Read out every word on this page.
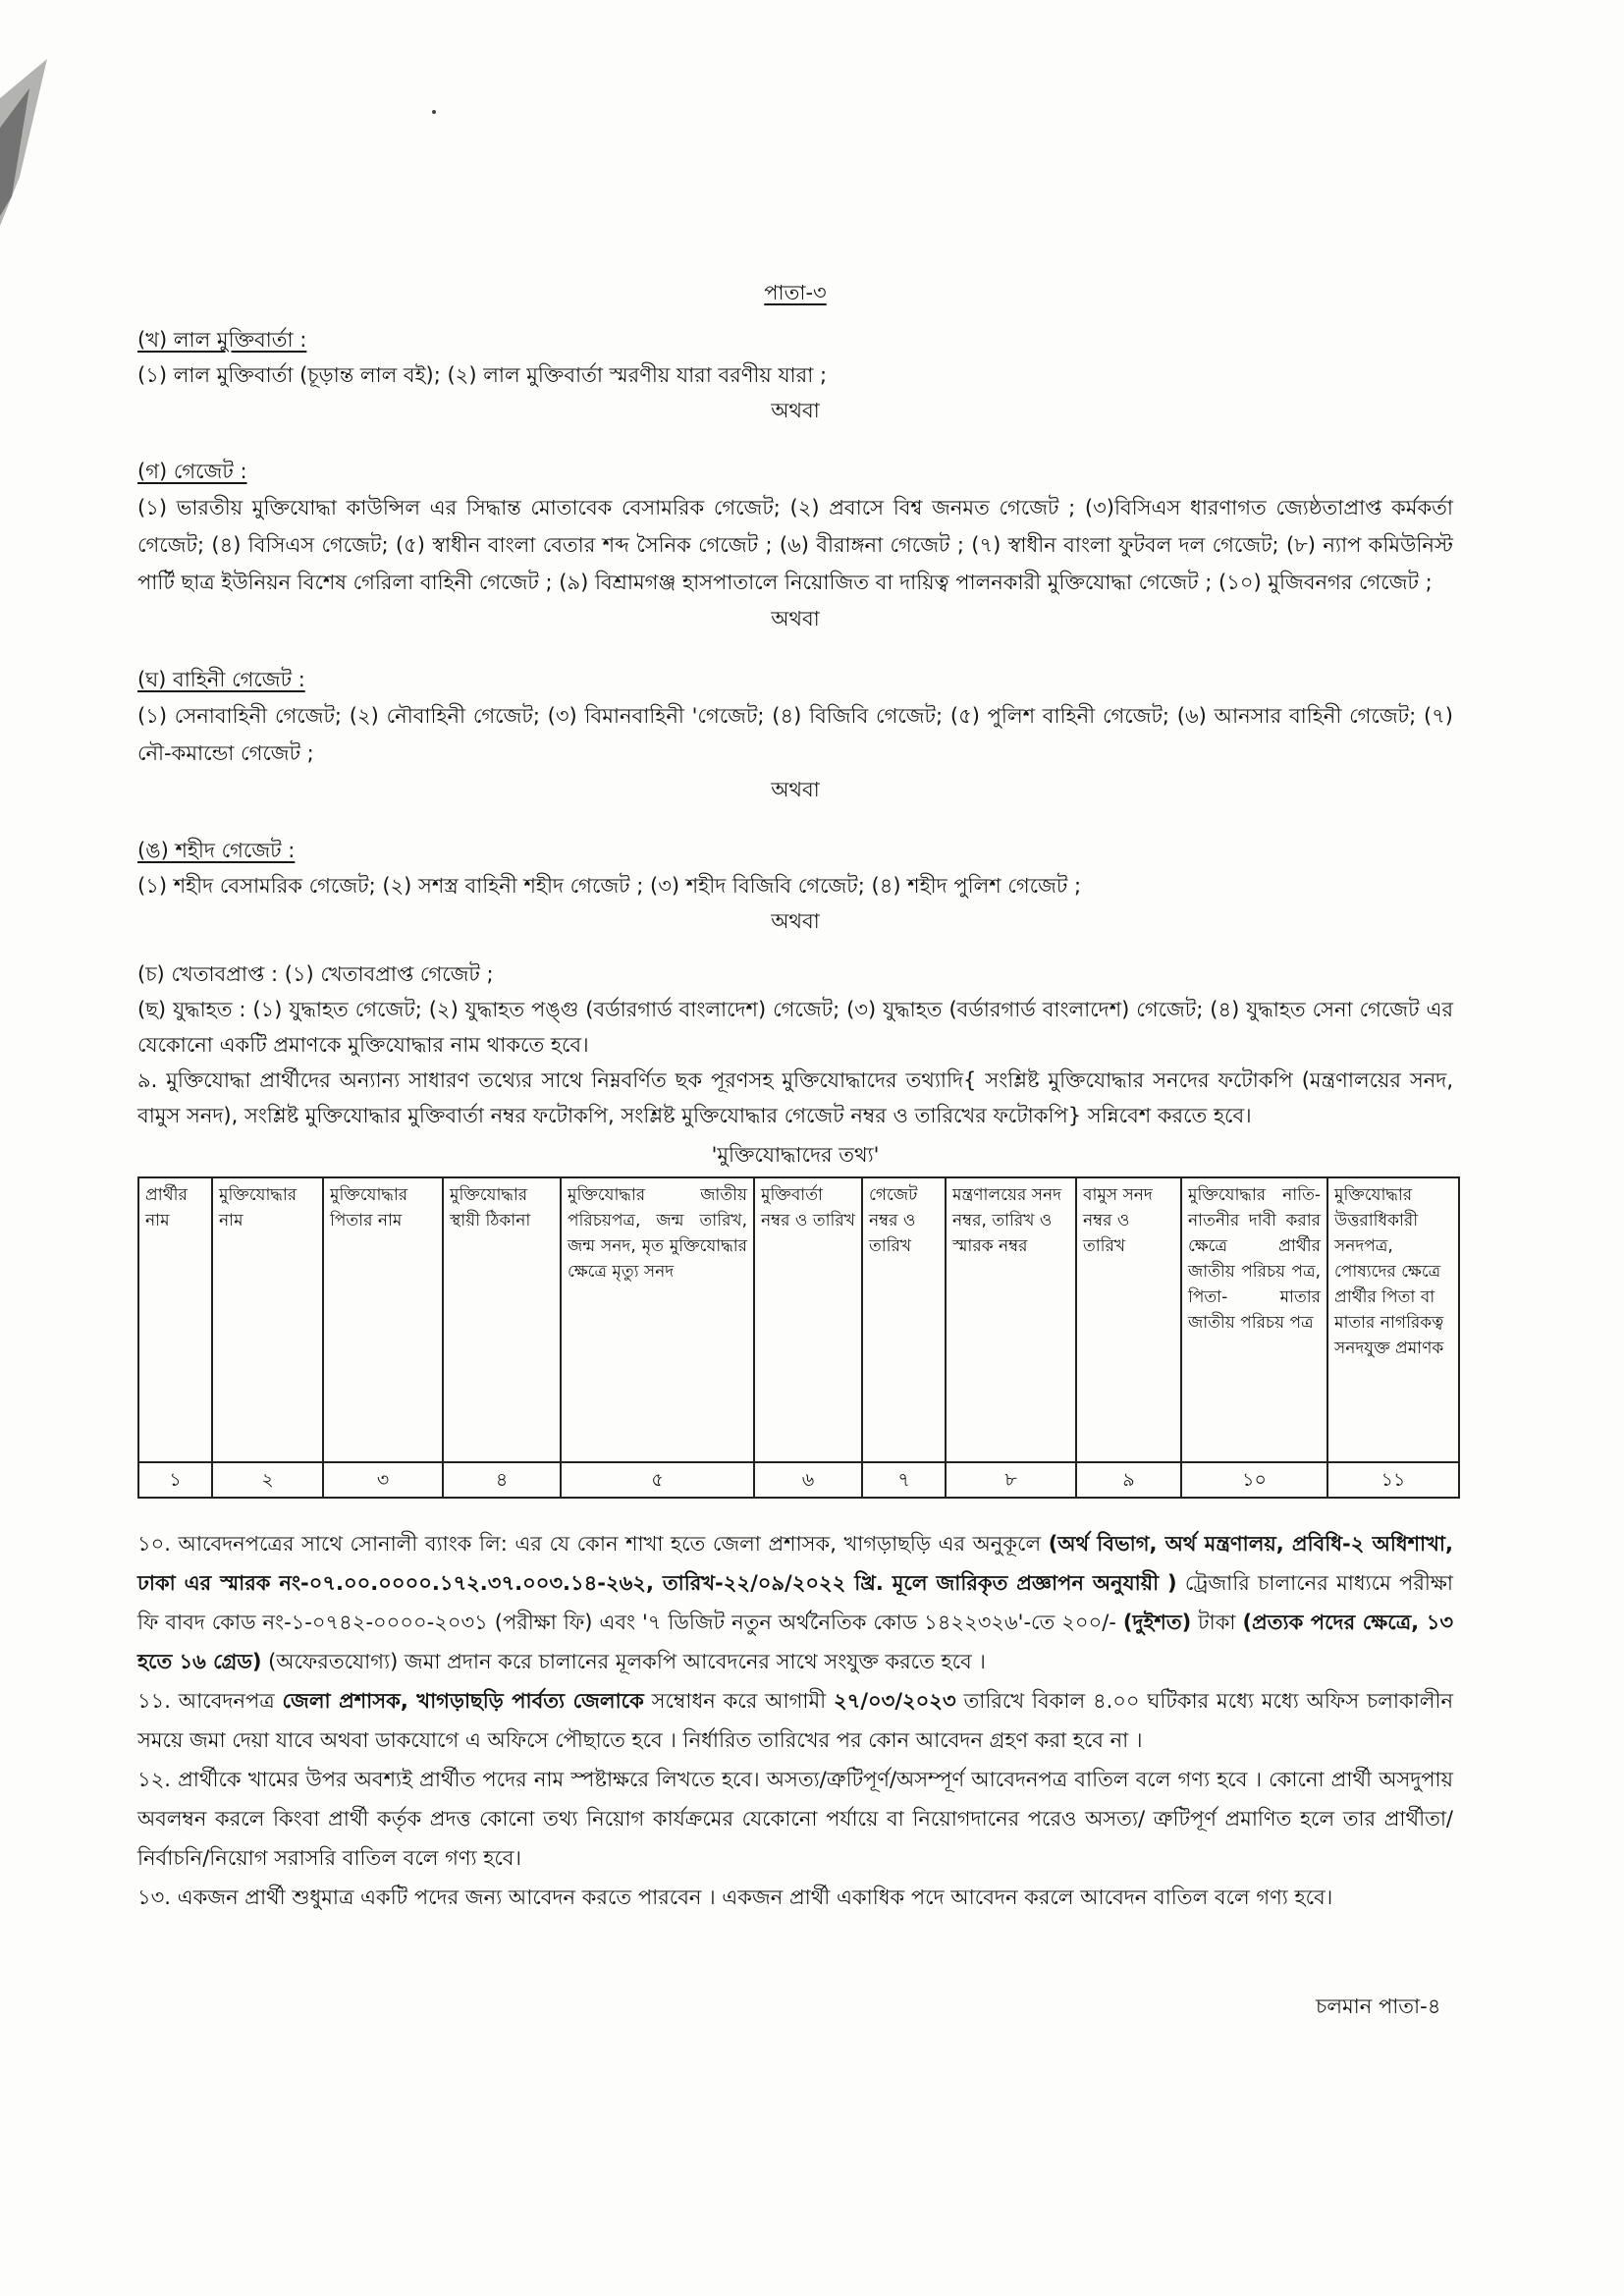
পাতা-৩

(খ) লাল মুক্তিবার্তা :

(১) লাল মুক্তিবার্তা (চূড়ান্ত লাল বই); (২) লাল মুক্তিবার্তা স্মরণীয় যারা বরণীয় যারা ;

অথবা

(গ) গেজেট :

(১) ভারতীয় মুক্তিযোদ্ধা কাউন্সিল এর সিদ্ধান্ত মোতাবেক বেসামরিক গেজেট; (২) প্রবাসে বিশ্ব জনমত গেজেট ; (৩)বিসিএস ধারণাগত জ্যেষ্ঠতাপ্রাপ্ত কর্মকর্তা গেজেট; (৪) বিসিএস গেজেট; (৫) স্বাধীন বাংলা বেতার শব্দ সৈনিক গেজেট ; (৬) বীরাঙ্গনা গেজেট ; (৭) স্বাধীন বাংলা ফুটবল দল গেজেট; (৮) ন্যাপ কমিউনিস্ট পার্টি ছাত্র ইউনিয়ন বিশেষ গেরিলা বাহিনী গেজেট ; (৯) বিশ্রামগঞ্জ হাসপাতালে নিয়োজিত বা দায়িত্ব পালনকারী মুক্তিযোদ্ধা গেজেট ; (১০) মুজিবনগর গেজেট ;

অথবা

(ঘ) বাহিনী গেজেট :

(১) সেনাবাহিনী গেজেট; (২) নৌবাহিনী গেজেট; (৩) বিমানবাহিনী 'গেজেট; (৪) বিজিবি গেজেট; (৫) পুলিশ বাহিনী গেজেট; (৬) আনসার বাহিনী গেজেট; (৭) নৌ-কমান্ডো গেজেট ;

অথবা

(ঙ) শহীদ গেজেট :

(১) শহীদ বেসামরিক গেজেট; (২) সশস্ত্র বাহিনী শহীদ গেজেট ; (৩) শহীদ বিজিবি গেজেট; (৪) শহীদ পুলিশ গেজেট ;

অথবা

(চ) খেতাবপ্রাপ্ত : (১) খেতাবপ্রাপ্ত গেজেট ;

(ছ) যুদ্ধাহত : (১) যুদ্ধাহত গেজেট; (২) যুদ্ধাহত পঙ্গু (বর্ডারগার্ড বাংলাদেশ) গেজেট; (৩) যুদ্ধাহত (বর্ডারগার্ড বাংলাদেশ) গেজেট; (৪) যুদ্ধাহত সেনা গেজেট এর যেকোনো একটি প্রমাণকে মুক্তিযোদ্ধার নাম থাকতে হবে।

৯. মুক্তিযোদ্ধা প্রার্থীদের অন্যান্য সাধারণ তথ্যের সাথে নিম্নবর্ণিত ছক পূরণসহ মুক্তিযোদ্ধাদের তথ্যাদি{ সংশ্লিষ্ট মুক্তিযোদ্ধার সনদের ফটোকপি (মন্ত্রণালয়ের সনদ, বামুস সনদ), সংশ্লিষ্ট মুক্তিযোদ্ধার মুক্তিবার্তা নম্বর ফটোকপি, সংশ্লিষ্ট মুক্তিযোদ্ধার গেজেট নম্বর ও তারিখের ফটোকপি} সন্নিবেশ করতে হবে।

'মুক্তিযোদ্ধাদের তথ্য'

প্রার্থীর নাম	মুক্তিযোদ্ধার নাম	মুক্তিযোদ্ধার পিতার নাম	মুক্তিযোদ্ধার স্থায়ী ঠিকানা	মুক্তিযোদ্ধার জাতীয় পরিচয়পত্র, জন্ম তারিখ, জন্ম সনদ, মৃত মুক্তিযোদ্ধার ক্ষেত্রে মৃত্যু সনদ	মুক্তিবার্তা নম্বর ও তারিখ	গেজেট নম্বর ও তারিখ	মন্ত্রণালয়ের সনদ নম্বর, তারিখ ও স্মারক নম্বর	বামুস সনদ নম্বর ও তারিখ	মুক্তিযোদ্ধার নাতি- নাতনীর দাবী করার ক্ষেত্রে প্রার্থীর জাতীয় পরিচয় পত্র, পিতা- মাতার জাতীয় পরিচয় পত্র	মুক্তিযোদ্ধার উত্তরাধিকারী সনদপত্র, পোষ্যদের ক্ষেত্রে প্রার্থীর পিতা বা মাতার নাগরিকত্ব সনদযুক্ত প্রমাণক
১	২	৩	৪	৫	৬	৭	৮	৯	১০	১১

১০. আবেদনপত্রের সাথে সোনালী ব্যাংক লি: এর যে কোন শাখা হতে জেলা প্রশাসক, খাগড়াছড়ি এর অনুকূলে (অর্থ বিভাগ, অর্থ মন্ত্রণালয়, প্রবিধি-২ অধিশাখা, ঢাকা এর স্মারক নং-০৭.০০.০০০০.১৭২.৩৭.০০৩.১৪-২৬২, তারিখ-২২/০৯/২০২২ খ্রি. মূলে জারিকৃত প্রজ্ঞাপন অনুযায়ী ) ট্রেজারি চালানের মাধ্যমে পরীক্ষা ফি বাবদ কোড নং-১-০৭৪২-০০০০-২০৩১ (পরীক্ষা ফি) এবং '৭ ডিজিট নতুন অর্থনৈতিক কোড ১৪২২৩২৬'-তে ২০০/- (দুইশত) টাকা (প্রত্যক পদের ক্ষেত্রে, ১৩ হতে ১৬ গ্রেড) (অফেরতযোগ্য) জমা প্রদান করে চালানের মূলকপি আবেদনের সাথে সংযুক্ত করতে হবে ।

১১. আবেদনপত্র জেলা প্রশাসক, খাগড়াছড়ি পার্বত্য জেলাকে সম্বোধন করে আগামী ২৭/০৩/২০২৩ তারিখে বিকাল ৪.০০ ঘটিকার মধ্যে মধ্যে অফিস চলাকালীন সময়ে জমা দেয়া যাবে অথবা ডাকযোগে এ অফিসে পৌছাতে হবে । নির্ধারিত তারিখের পর কোন আবেদন গ্রহণ করা হবে না ।

১২. প্রার্থীকে খামের উপর অবশ্যই প্রার্থীত পদের নাম স্পষ্টাক্ষরে লিখতে হবে। অসত্য/ত্রুটিপূর্ণ/অসম্পূর্ণ আবেদনপত্র বাতিল বলে গণ্য হবে । কোনো প্রার্থী অসদুপায় অবলম্বন করলে কিংবা প্রার্থী কর্তৃক প্রদত্ত কোনো তথ্য নিয়োগ কার্যক্রমের যেকোনো পর্যায়ে বা নিয়োগদানের পরেও অসত্য/ ত্রুটিপূর্ণ প্রমাণিত হলে তার প্রার্থীতা/নির্বাচনি/নিয়োগ সরাসরি বাতিল বলে গণ্য হবে।

১৩. একজন প্রার্থী শুধুমাত্র একটি পদের জন্য আবেদন করতে পারবেন । একজন প্রার্থী একাধিক পদে আবেদন করলে আবেদন বাতিল বলে গণ্য হবে।

চলমান পাতা-৪
